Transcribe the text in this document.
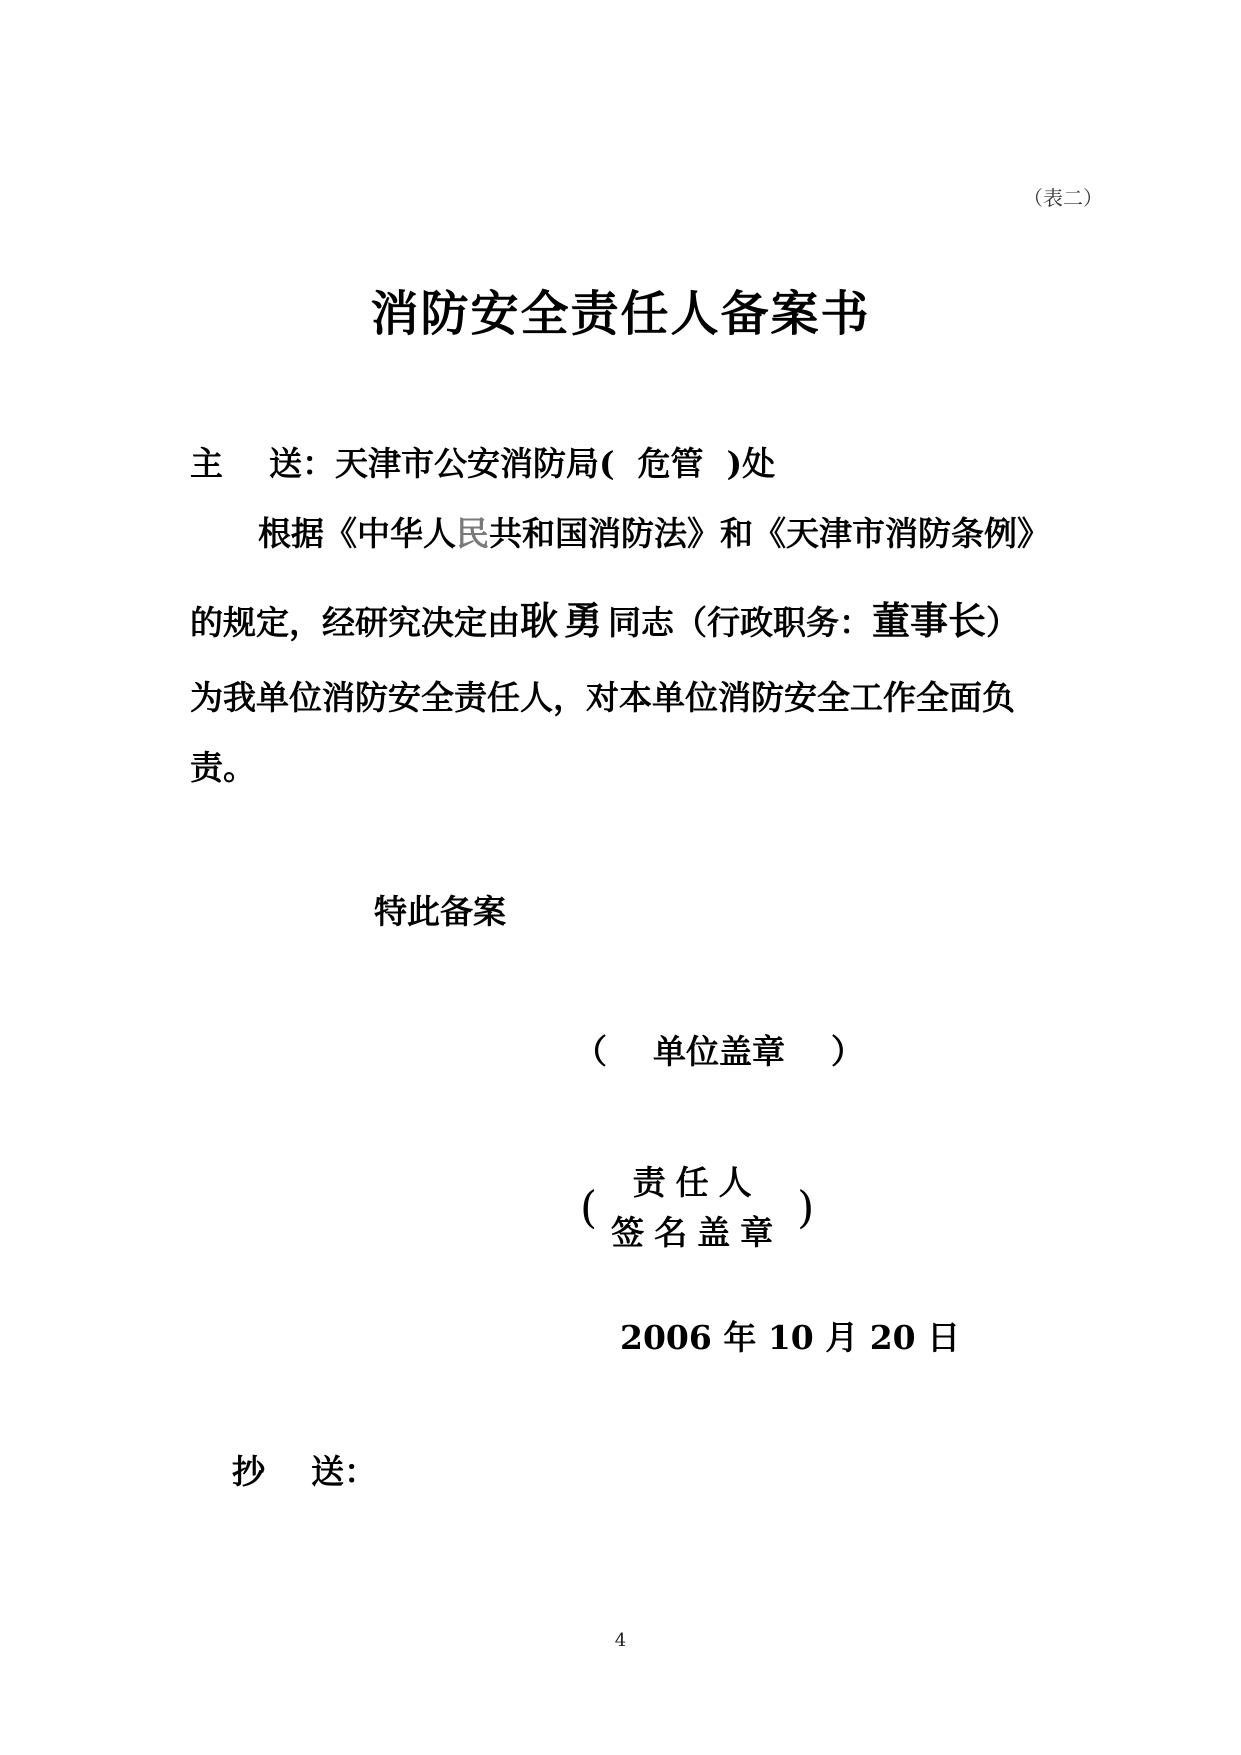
（表二）
消防安全责任人备案书
主    送：天津市公安消防局(  危管  )处
根据《中华人民共和国消防法》和《天津市消防条例》
的规定，经研究决定由耿勇同志（行政职务：董事长）
为我单位消防安全责任人，对本单位消防安全工作全面负
责。
特此备案
（    单位盖章    ）
( 责任人
签名盖章 )
2006 年 10 月 20 日
抄    送：
4
